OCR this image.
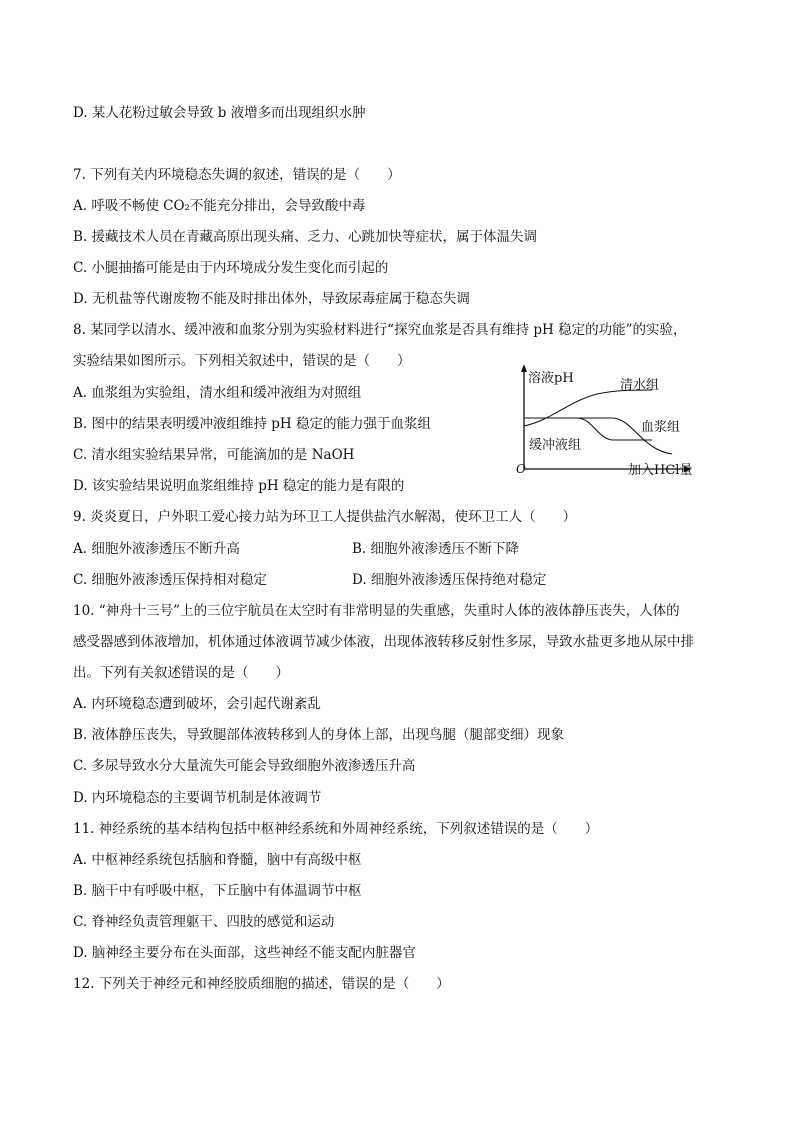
D. 某人花粉过敏会导致 b 液增多而出现组织水肿
7. 下列有关内环境稳态失调的叙述，错误的是（　　）
A. 呼吸不畅使 CO₂不能充分排出，会导致酸中毒
B. 援藏技术人员在青藏高原出现头痛、乏力、心跳加快等症状，属于体温失调
C. 小腿抽搐可能是由于内环境成分发生变化而引起的
D. 无机盐等代谢废物不能及时排出体外，导致尿毒症属于稳态失调
8. 某同学以清水、缓冲液和血浆分别为实验材料进行“探究血浆是否具有维持 pH 稳定的功能”的实验，
实验结果如图所示。下列相关叙述中，错误的是（　　）
A. 血浆组为实验组，清水组和缓冲液组为对照组
B. 图中的结果表明缓冲液组维持 pH 稳定的能力强于血浆组
C. 清水组实验结果异常，可能滴加的是 NaOH
D. 该实验结果说明血浆组维持 pH 稳定的能力是有限的
溶液pH	清水组
血浆组
缓冲液组
O	加入HCl量
9. 炎炎夏日，户外职工爱心接力站为环卫工人提供盐汽水解渴，使环卫工人（　　）
A. 细胞外液渗透压不断升高	B. 细胞外液渗透压不断下降
C. 细胞外液渗透压保持相对稳定	D. 细胞外液渗透压保持绝对稳定
10. “神舟十三号”上的三位宇航员在太空时有非常明显的失重感，失重时人体的液体静压丧失，人体的
感受器感到体液增加，机体通过体液调节减少体液，出现体液转移反射性多尿，导致水盐更多地从尿中排
出。下列有关叙述错误的是（　　）
A. 内环境稳态遭到破坏，会引起代谢紊乱
B. 液体静压丧失，导致腿部体液转移到人的身体上部，出现鸟腿（腿部变细）现象
C. 多尿导致水分大量流失可能会导致细胞外液渗透压升高
D. 内环境稳态的主要调节机制是体液调节
11. 神经系统的基本结构包括中枢神经系统和外周神经系统，下列叙述错误的是（　　）
A. 中枢神经系统包括脑和脊髓，脑中有高级中枢
B. 脑干中有呼吸中枢，下丘脑中有体温调节中枢
C. 脊神经负责管理躯干、四肢的感觉和运动
D. 脑神经主要分布在头面部，这些神经不能支配内脏器官
12. 下列关于神经元和神经胶质细胞的描述，错误的是（　　）
